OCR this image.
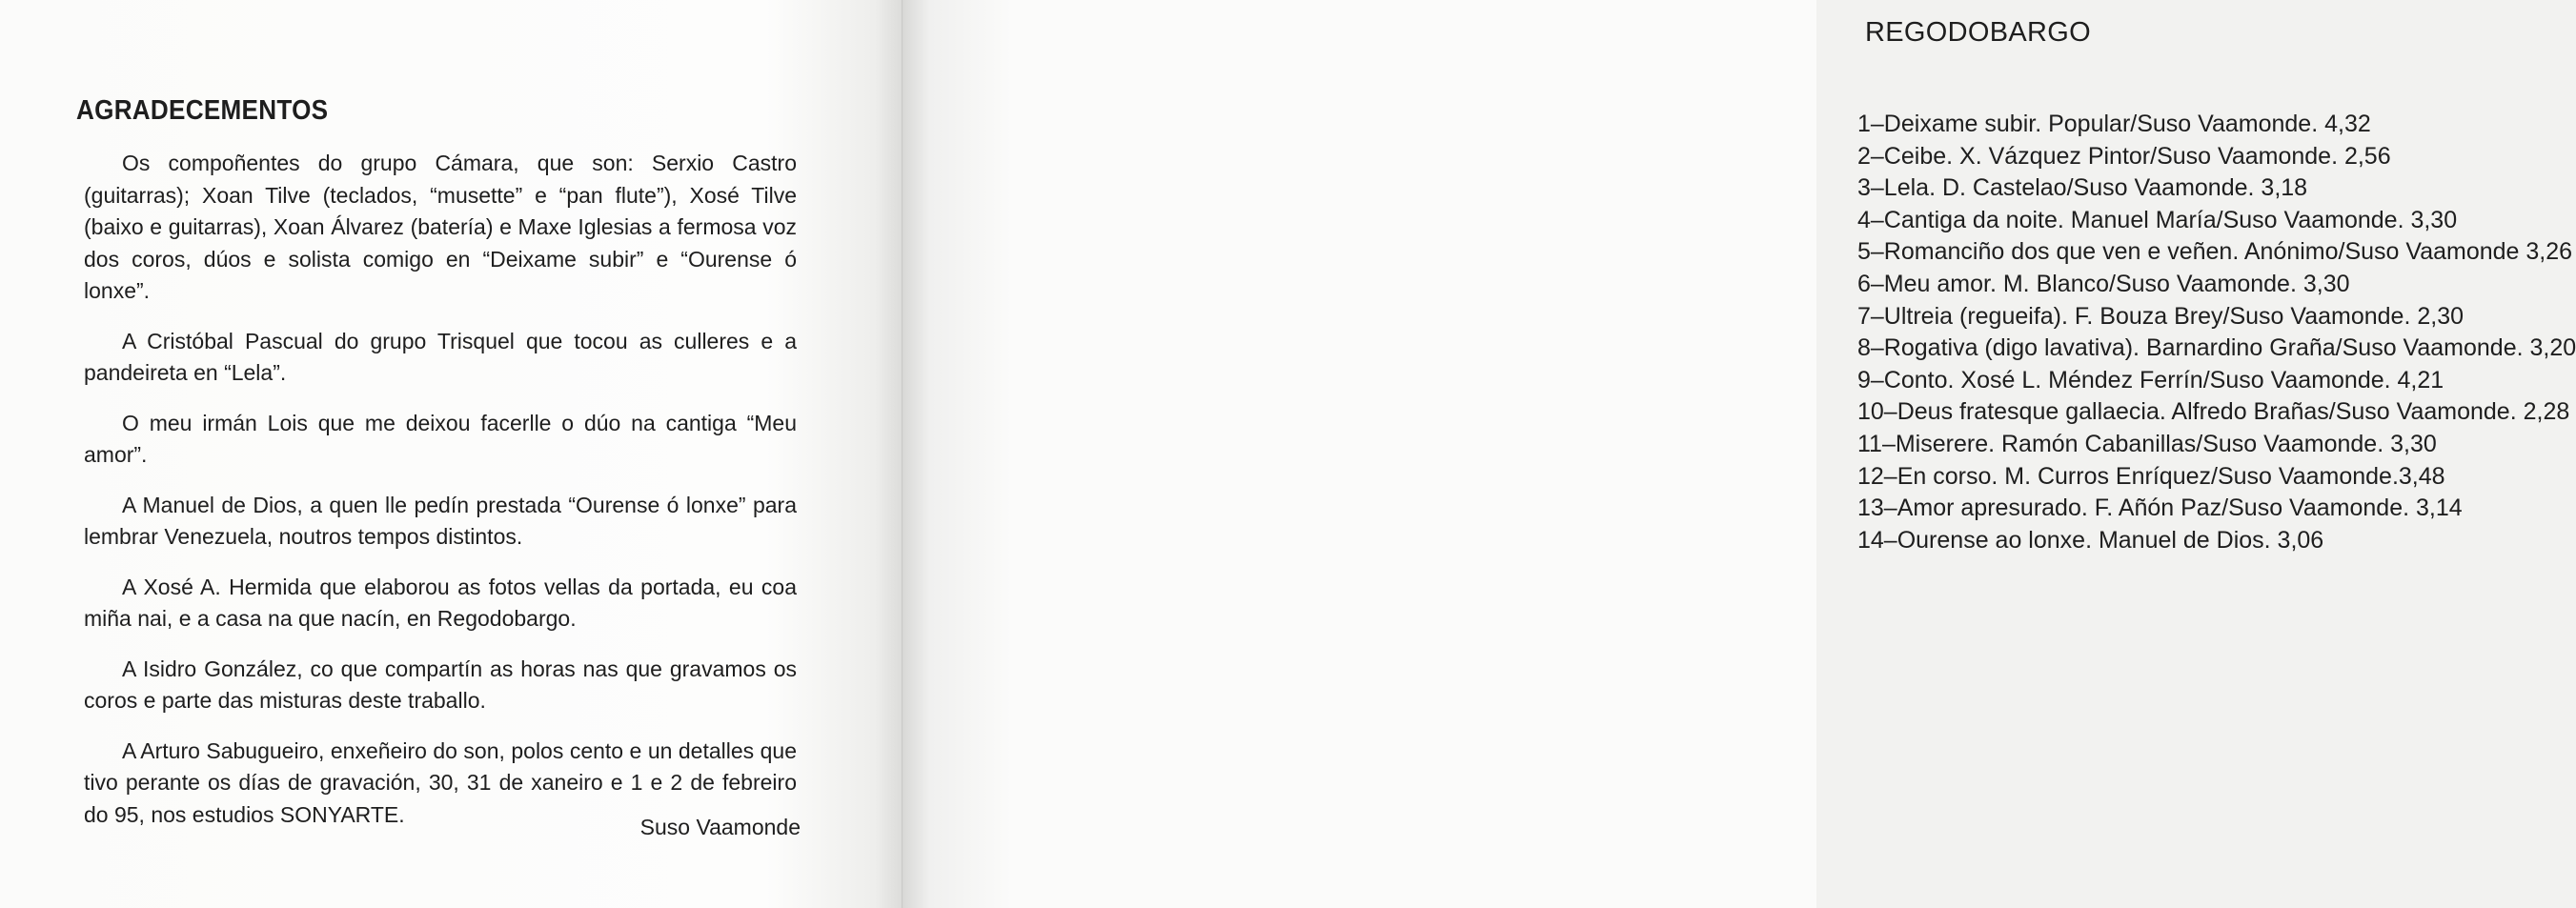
AGRADECEMENTOS

Os compoñentes do grupo Cámara, que son: Serxio Castro (guitarras); Xoan Tilve (teclados, “musette” e “pan flute”), Xosé Tilve (baixo e guitarras), Xoan Álvarez (batería) e Maxe Iglesias a fermosa voz dos coros, dúos e solista comigo en “Deixame subir” e “Ourense ó lonxe”.

A Cristóbal Pascual do grupo Trisquel que tocou as culleres e a pandeireta en “Lela”.

O meu irmán Lois que me deixou facerlle o dúo na cantiga “Meu amor”.

A Manuel de Dios, a quen lle pedín prestada “Ourense ó lonxe” para lembrar Venezuela, noutros tempos distintos.

A Xosé A. Hermida que elaborou as fotos vellas da portada, eu coa miña nai, e a casa na que nacín, en Regodobargo.

A Isidro González, co que compartín as horas nas que gravamos os coros e parte das misturas deste traballo.

A Arturo Sabugueiro, enxeñeiro do son, polos cento e un detalles que tivo perante os días de gravación, 30, 31 de xaneiro e 1 e 2 de febreiro do 95, nos estudios SONYARTE.

Suso Vaamonde
REGODOBARGO
1–Deixame subir. Popular/Suso Vaamonde. 4,32
2–Ceibe. X. Vázquez Pintor/Suso Vaamonde. 2,56
3–Lela. D. Castelao/Suso Vaamonde. 3,18
4–Cantiga da noite. Manuel María/Suso Vaamonde. 3,30
5–Romanciño dos que ven e veñen. Anónimo/Suso Vaamonde 3,26
6–Meu amor. M. Blanco/Suso Vaamonde. 3,30
7–Ultreia (regueifa). F. Bouza Brey/Suso Vaamonde. 2,30
8–Rogativa (digo lavativa). Barnardino Graña/Suso Vaamonde. 3,20
9–Conto. Xosé L. Méndez Ferrín/Suso Vaamonde. 4,21
10–Deus fratesque gallaecia. Alfredo Brañas/Suso Vaamonde. 2,28
11–Miserere. Ramón Cabanillas/Suso Vaamonde. 3,30
12–En corso. M. Curros Enríquez/Suso Vaamonde.3,48
13–Amor apresurado. F. Añón Paz/Suso Vaamonde. 3,14
14–Ourense ao lonxe. Manuel de Dios. 3,06
